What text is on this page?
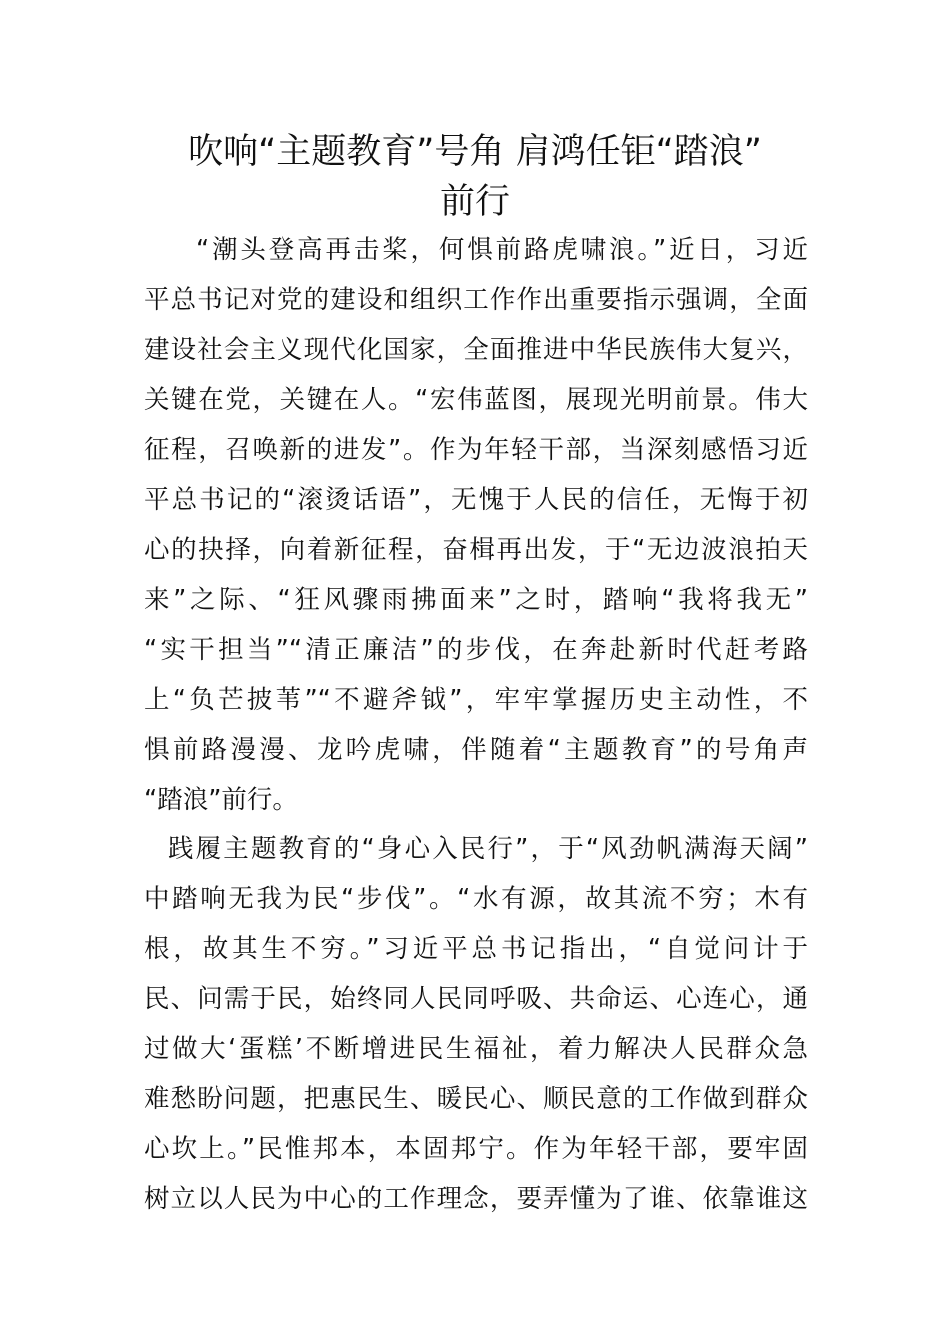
吹响“主题教育”号角 肩鸿任钜“踏浪”
前行
“潮头登高再击桨，何惧前路虎啸浪。”近日，习近
平总书记对党的建设和组织工作作出重要指示强调，全面
建设社会主义现代化国家，全面推进中华民族伟大复兴，
关键在党，关键在人。“宏伟蓝图，展现光明前景。伟大
征程，召唤新的进发”。作为年轻干部，当深刻感悟习近
平总书记的“滚烫话语”，无愧于人民的信任，无悔于初
心的抉择，向着新征程，奋楫再出发，于“无边波浪拍天
来”之际、“狂风骤雨拂面来”之时，踏响“我将我无”
“实干担当”“清正廉洁”的步伐，在奔赴新时代赶考路
上“负芒披苇”“不避斧钺”，牢牢掌握历史主动性，不
惧前路漫漫、龙吟虎啸，伴随着“主题教育”的号角声
“踏浪”前行。
践履主题教育的“身心入民行”，于“风劲帆满海天阔”
中踏响无我为民“步伐”。“水有源，故其流不穷；木有
根，故其生不穷。”习近平总书记指出，“自觉问计于
民、问需于民，始终同人民同呼吸、共命运、心连心，通
过做大‘蛋糕’不断增进民生福祉，着力解决人民群众急
难愁盼问题，把惠民生、暖民心、顺民意的工作做到群众
心坎上。”民惟邦本，本固邦宁。作为年轻干部，要牢固
树立以人民为中心的工作理念，要弄懂为了谁、依靠谁这
